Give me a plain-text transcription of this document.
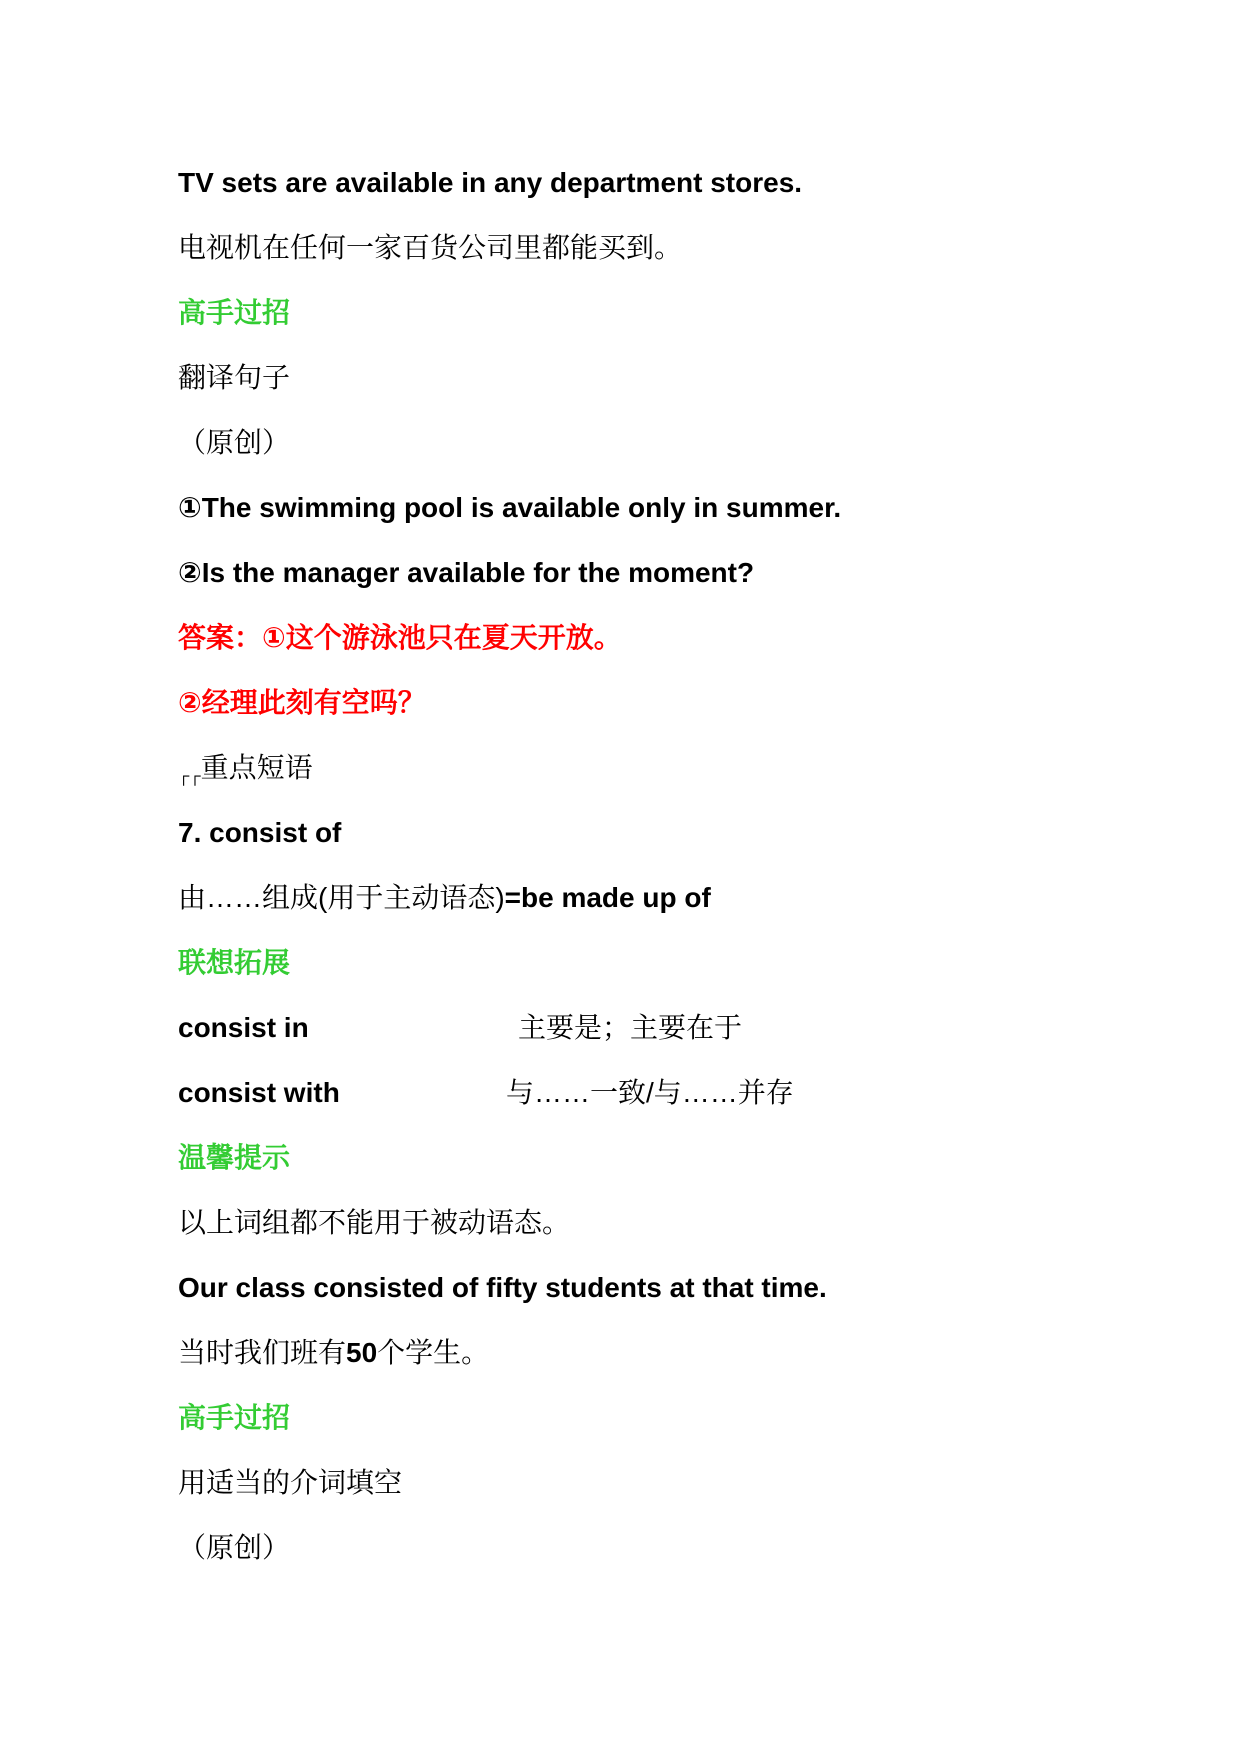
TV sets are available in any department stores.
电视机在任何一家百货公司里都能买到。
高手过招
翻译句子
（原创）
①The swimming pool is available only in summer.
②Is the manager available for the moment?
答案：①这个游泳池只在夏天开放。
②经理此刻有空吗？
┌┌重点短语
7. consist of
由……组成(用于主动语态)=be made up of
联想拓展
consist in	主要是；主要在于
consist with	与……一致/与……并存
温馨提示
以上词组都不能用于被动语态。
Our class consisted of fifty students at that time.
当时我们班有50个学生。
高手过招
用适当的介词填空
（原创）
